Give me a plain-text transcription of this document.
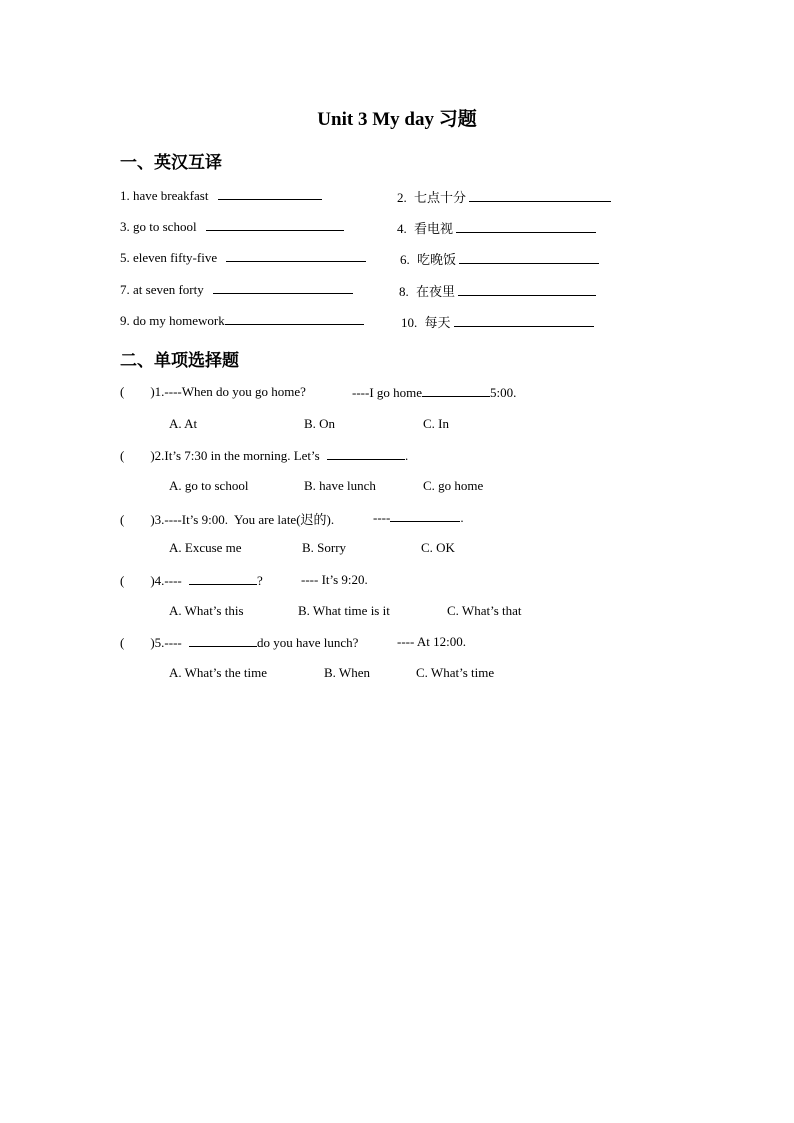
Unit 3 My day 习题
一、英汉互译
1. have breakfast	2. 七点十分
3. go to school	4. 看电视
5. eleven fifty-five	6. 吃晚饭
7. at seven forty	8. 在夜里
9. do my homework	10. 每天
二、单项选择题
(        )1.----When do you go home?	----I go home	5:00.
A. At	B. On	C. In
(        )2.It’s 7:30 in the morning. Let’s	.
A. go to school	B. have lunch	C. go home
(        )3.----It’s 9:00.  You are late(迟的).	----	.
A. Excuse me	B. Sorry	C. OK
(        )4.----	?	---- It’s 9:20.
A. What’s this	B. What time is it	C. What’s that
(        )5.----	do you have lunch?	---- At 12:00.
A. What’s the time	B. When	C. What’s time
